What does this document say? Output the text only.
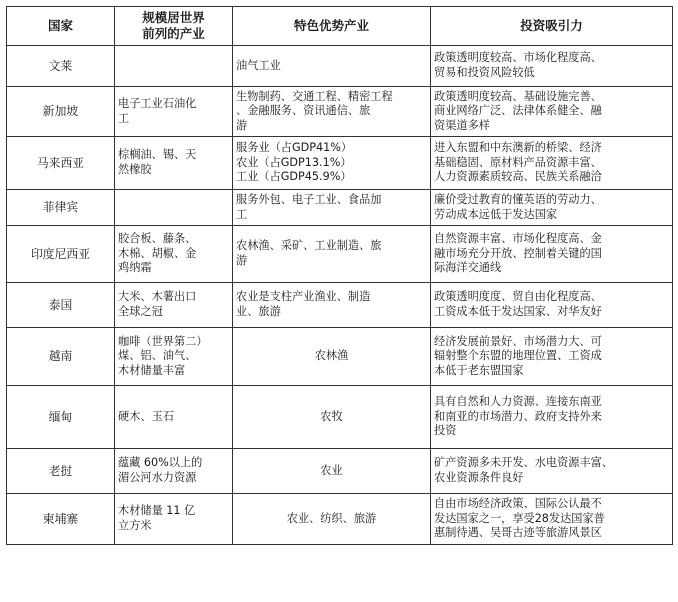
国家	规模居世界
前列的产业	特色优势产业	投资吸引力
文莱		油气工业	政策透明度较高、市场化程度高、
贸易和投资风险较低

新加坡	电子工业石油化
工	生物制药、交通工程、精密工程
、金融服务、资讯通信、旅
游	政策透明度较高、基础设施完善、
商业网络广泛、法律体系健全、融
资渠道多样

马来西亚	棕榈油、锡、天
然橡胶	服务业（占GDP41%）
农业（占GDP13.1%）
工业（占GDP45.9%）	进入东盟和中东澳新的桥梁、经济
基础稳固、原材料产品资源丰富、
人力资源素质较高、民族关系融洽

菲律宾		服务外包、电子工业、食品加
工	廉价受过教育的懂英语的劳动力、
劳动成本远低于发达国家

印度尼西亚	胶合板、藤条、
木棉、胡椒、金
鸡纳霜	农林渔、采矿、工业制造、旅
游	自然资源丰富、市场化程度高、金
融市场充分开放、控制着关键的国
际海洋交通线

泰国	大米、木薯出口
全球之冠	农业是支柱产业渔业、制造
业、旅游	政策透明度度、贸自由化程度高、
工资成本低于发达国家、对华友好

越南	咖啡（世界第二）
煤、铝、油气、
木材储量丰富	农林渔	经济发展前景好、市场潜力大、可
辐射整个东盟的地理位置、工资成
本低于老东盟国家

缅甸	硬木、玉石	农牧	具有自然和人力资源、连接东南亚
和南亚的市场潜力、政府支持外来
投资

老挝	蕴藏 60%以上的
湄公河水力资源	农业	矿产资源多未开发、水电资源丰富、
农业资源条件良好

柬埔寨	木材储量 11 亿
立方米	农业、纺织、旅游	自由市场经济政策、国际公认最不
发达国家之一，享受28发达国家普
惠制待遇、吴哥古迹等旅游风景区
